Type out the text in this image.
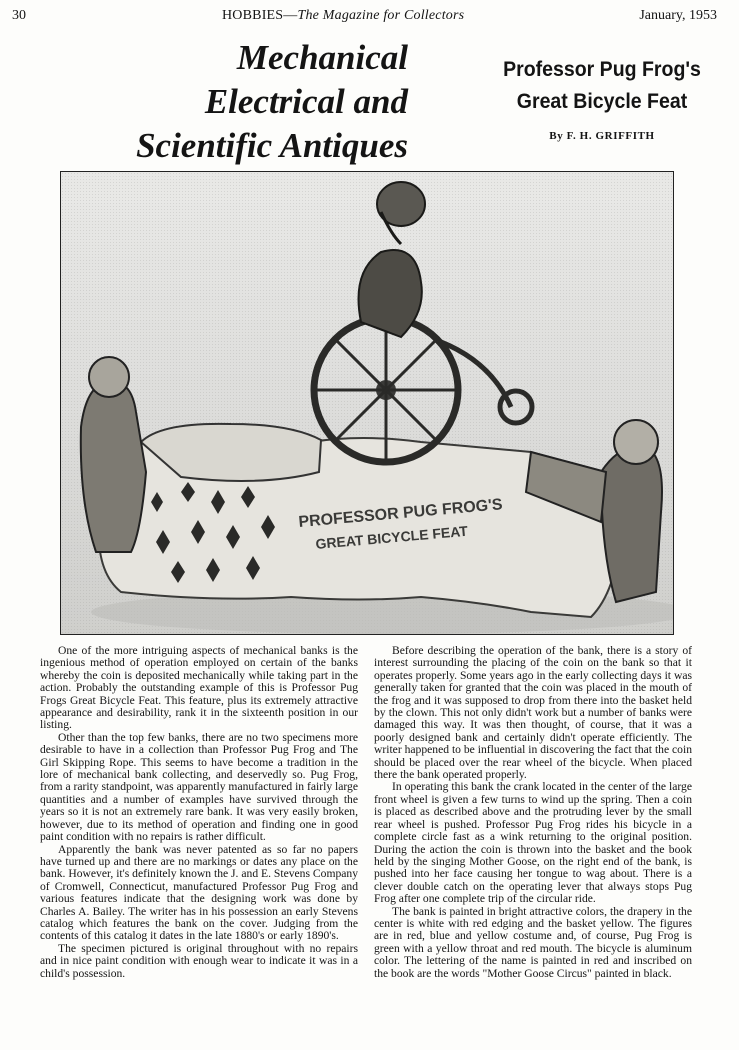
30	HOBBIES—The Magazine for Collectors	January, 1953
Mechanical
Electrical and
Scientific Antiques
Professor Pug Frog's
Great Bicycle Feat
By F. H. GRIFFITH
PROFESSOR PUG FROG'S
GREAT BICYCLE FEAT

One of the more intriguing aspects of mechanical banks is the ingenious method of operation employed on certain of the banks whereby the coin is deposited mechanically while taking part in the action. Probably the outstanding example of this is Professor Pug Frogs Great Bicycle Feat. This feature, plus its extremely attractive appearance and desirability, rank it in the sixteenth position in our listing.

Other than the top few banks, there are no two specimens more desirable to have in a collection than Professor Pug Frog and The Girl Skipping Rope. This seems to have become a tradition in the lore of mechanical bank collecting, and deservedly so. Pug Frog, from a rarity standpoint, was apparently manufactured in fairly large quantities and a number of examples have survived through the years so it is not an extremely rare bank. It was very easily broken, however, due to its method of operation and finding one in good paint condition with no repairs is rather difficult.

Apparently the bank was never patented as so far no papers have turned up and there are no markings or dates any place on the bank. However, it's definitely known the J. and E. Stevens Company of Cromwell, Connecticut, manufactured Professor Pug Frog and various features indicate that the designing work was done by Charles A. Bailey. The writer has in his possession an early Stevens catalog which features the bank on the cover. Judging from the contents of this catalog it dates in the late 1880's or early 1890's.

The specimen pictured is original throughout with no repairs and in nice paint condition with enough wear to indicate it was in a child's possession.

Before describing the operation of the bank, there is a story of interest surrounding the placing of the coin on the bank so that it operates properly. Some years ago in the early collecting days it was generally taken for granted that the coin was placed in the mouth of the frog and it was supposed to drop from there into the basket held by the clown. This not only didn't work but a number of banks were damaged this way. It was then thought, of course, that it was a poorly designed bank and certainly didn't operate efficiently. The writer happened to be influential in discovering the fact that the coin should be placed over the rear wheel of the bicycle. When placed there the bank operated properly.

In operating this bank the crank located in the center of the large front wheel is given a few turns to wind up the spring. Then a coin is placed as described above and the protruding lever by the small rear wheel is pushed. Professor Pug Frog rides his bicycle in a complete circle fast as a wink returning to the original position. During the action the coin is thrown into the basket and the book held by the singing Mother Goose, on the right end of the bank, is pushed into her face causing her tongue to wag about. There is a clever double catch on the operating lever that always stops Pug Frog after one complete trip of the circular ride.

The bank is painted in bright attractive colors, the drapery in the center is white with red edging and the basket yellow. The figures are in red, blue and yellow costume and, of course, Pug Frog is green with a yellow throat and red mouth. The bicycle is aluminum color. The lettering of the name is painted in red and inscribed on the book are the words "Mother Goose Circus" painted in black.
